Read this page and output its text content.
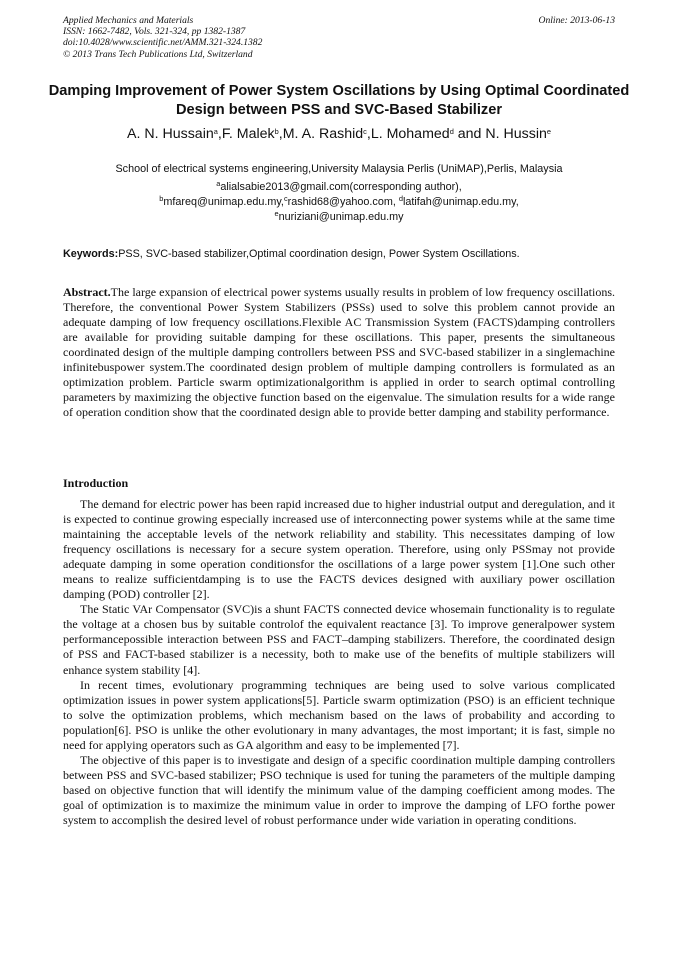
Applied Mechanics and Materials
ISSN: 1662-7482, Vols. 321-324, pp 1382-1387
doi:10.4028/www.scientific.net/AMM.321-324.1382
© 2013 Trans Tech Publications Ltd, Switzerland
Online: 2013-06-13
Damping Improvement of Power System Oscillations by Using Optimal Coordinated Design between PSS and SVC-Based Stabilizer
A. N. Hussain$^a$,F. Malek$^b$,M. A. Rashid$^c$,L. Mohamed$^d$ and N. Hussin$^e$
School of electrical systems engineering,University Malaysia Perlis (UniMAP),Perlis, Malaysia
$^a$alialsabie2013@gmail.com(corresponding author),
$^b$mfareq@unimap.edu.my,$^c$rashid68@yahoo.com, $^d$latifah@unimap.edu.my,
$^e$nuriziani@unimap.edu.my
Keywords:PSS, SVC-based stabilizer,Optimal coordination design, Power System Oscillations.

Abstract.The large expansion of electrical power systems usually results in problem of low frequency oscillations. Therefore, the conventional Power System Stabilizers (PSSs) used to solve this problem cannot provide an adequate damping of low frequency oscillations.Flexible AC Transmission System (FACTS)damping controllers are available for providing suitable damping for these oscillations. This paper, presents the simultaneous coordinated design of the multiple damping controllers between PSS and SVC-based stabilizer in a singlemachine infinitebuspower system.The coordinated design problem of multiple damping controllers is formulated as an optimization problem. Particle swarm optimizationalgorithm is applied in order to search optimal controlling parameters by maximizing the objective function based on the eigenvalue. The simulation results for a wide range of operation condition show that the coordinated design able to provide better damping and stability performance.

Introduction

The demand for electric power has been rapid increased due to higher industrial output and deregulation, and it is expected to continue growing especially increased use of interconnecting power systems while at the same time maintaining the acceptable levels of the network reliability and stability. This necessitates damping of low frequency oscillations is necessary for a secure system operation. Therefore, using only PSSmay not provide adequate damping in some operation conditionsfor the oscillations of a large power system [1].One such other means to realize sufficientdamping is to use the FACTS devices designed with auxiliary power oscillation damping (POD) controller [2].

The Static VAr Compensator (SVC)is a shunt FACTS connected device whosemain functionality is to regulate the voltage at a chosen bus by suitable controlof the equivalent reactance [3]. To improve generalpower system performancepossible interaction between PSS and FACT–damping stabilizers. Therefore, the coordinated design of PSS and FACT-based stabilizer is a necessity, both to make use of the benefits of multiple stabilizers will enhance system stability [4].

In recent times, evolutionary programming techniques are being used to solve various complicated optimization issues in power system applications[5]. Particle swarm optimization (PSO) is an efficient technique to solve the optimization problems, which mechanism based on the laws of probability and according to population[6]. PSO is unlike the other evolutionary in many advantages, the most important; it is fast, simple no need for applying operators such as GA algorithm and easy to be implemented [7].

The objective of this paper is to investigate and design of a specific coordination multiple damping controllers between PSS and SVC-based stabilizer; PSO technique is used for tuning the parameters of the multiple damping based on objective function that will identify the minimum value of the damping coefficient among modes. The goal of optimization is to maximize the minimum value in order to improve the damping of LFO forthe power system to accomplish the desired level of robust performance under wide variation in operating conditions.
